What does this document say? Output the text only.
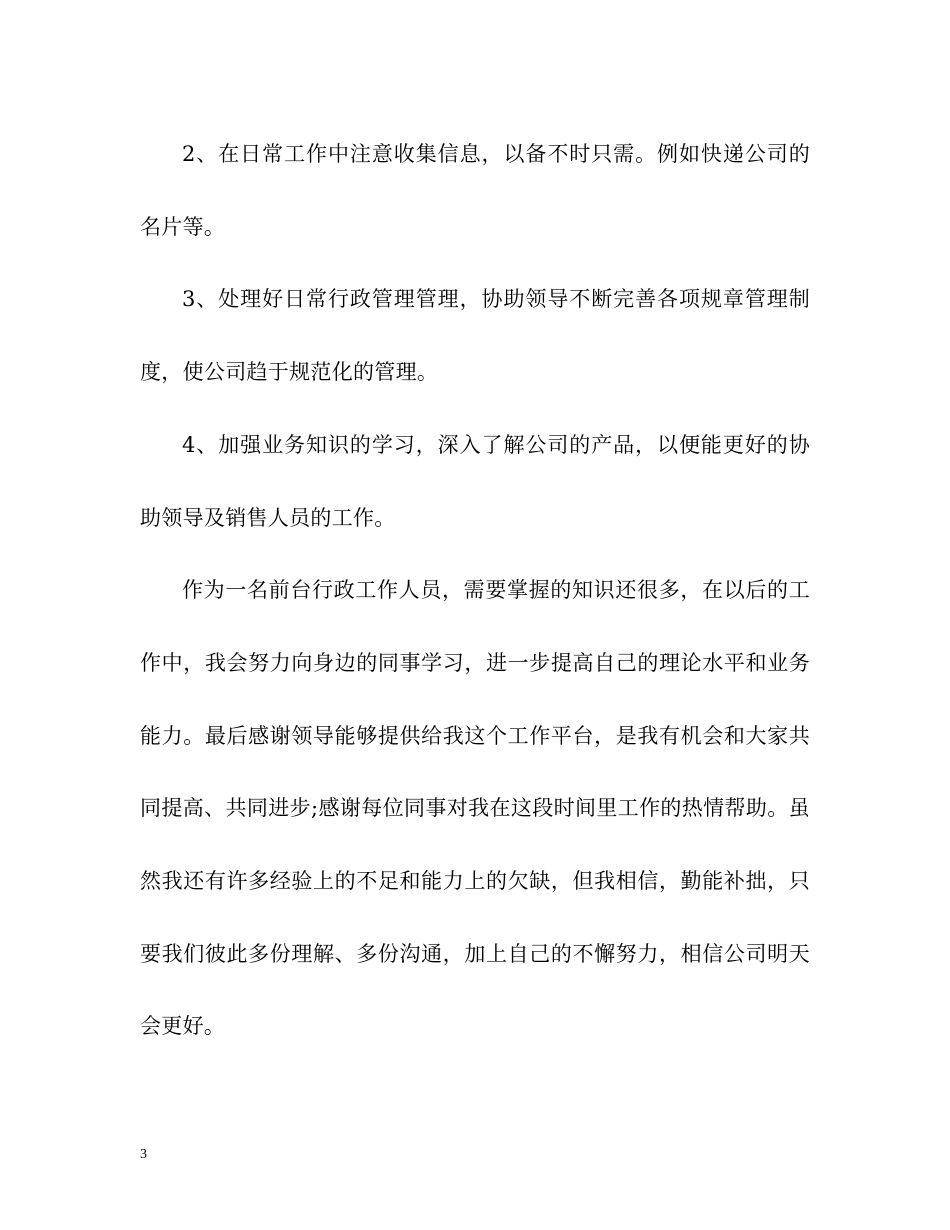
2、在日常工作中注意收集信息，以备不时只需。例如快递公司的名片等。

3、处理好日常行政管理管理，协助领导不断完善各项规章管理制度，使公司趋于规范化的管理。

4、加强业务知识的学习，深入了解公司的产品，以便能更好的协助领导及销售人员的工作。

作为一名前台行政工作人员，需要掌握的知识还很多，在以后的工作中，我会努力向身边的同事学习，进一步提高自己的理论水平和业务能力。最后感谢领导能够提供给我这个工作平台，是我有机会和大家共同提高、共同进步;感谢每位同事对我在这段时间里工作的热情帮助。虽然我还有许多经验上的不足和能力上的欠缺，但我相信，勤能补拙，只要我们彼此多份理解、多份沟通，加上自己的不懈努力，相信公司明天会更好。

3
